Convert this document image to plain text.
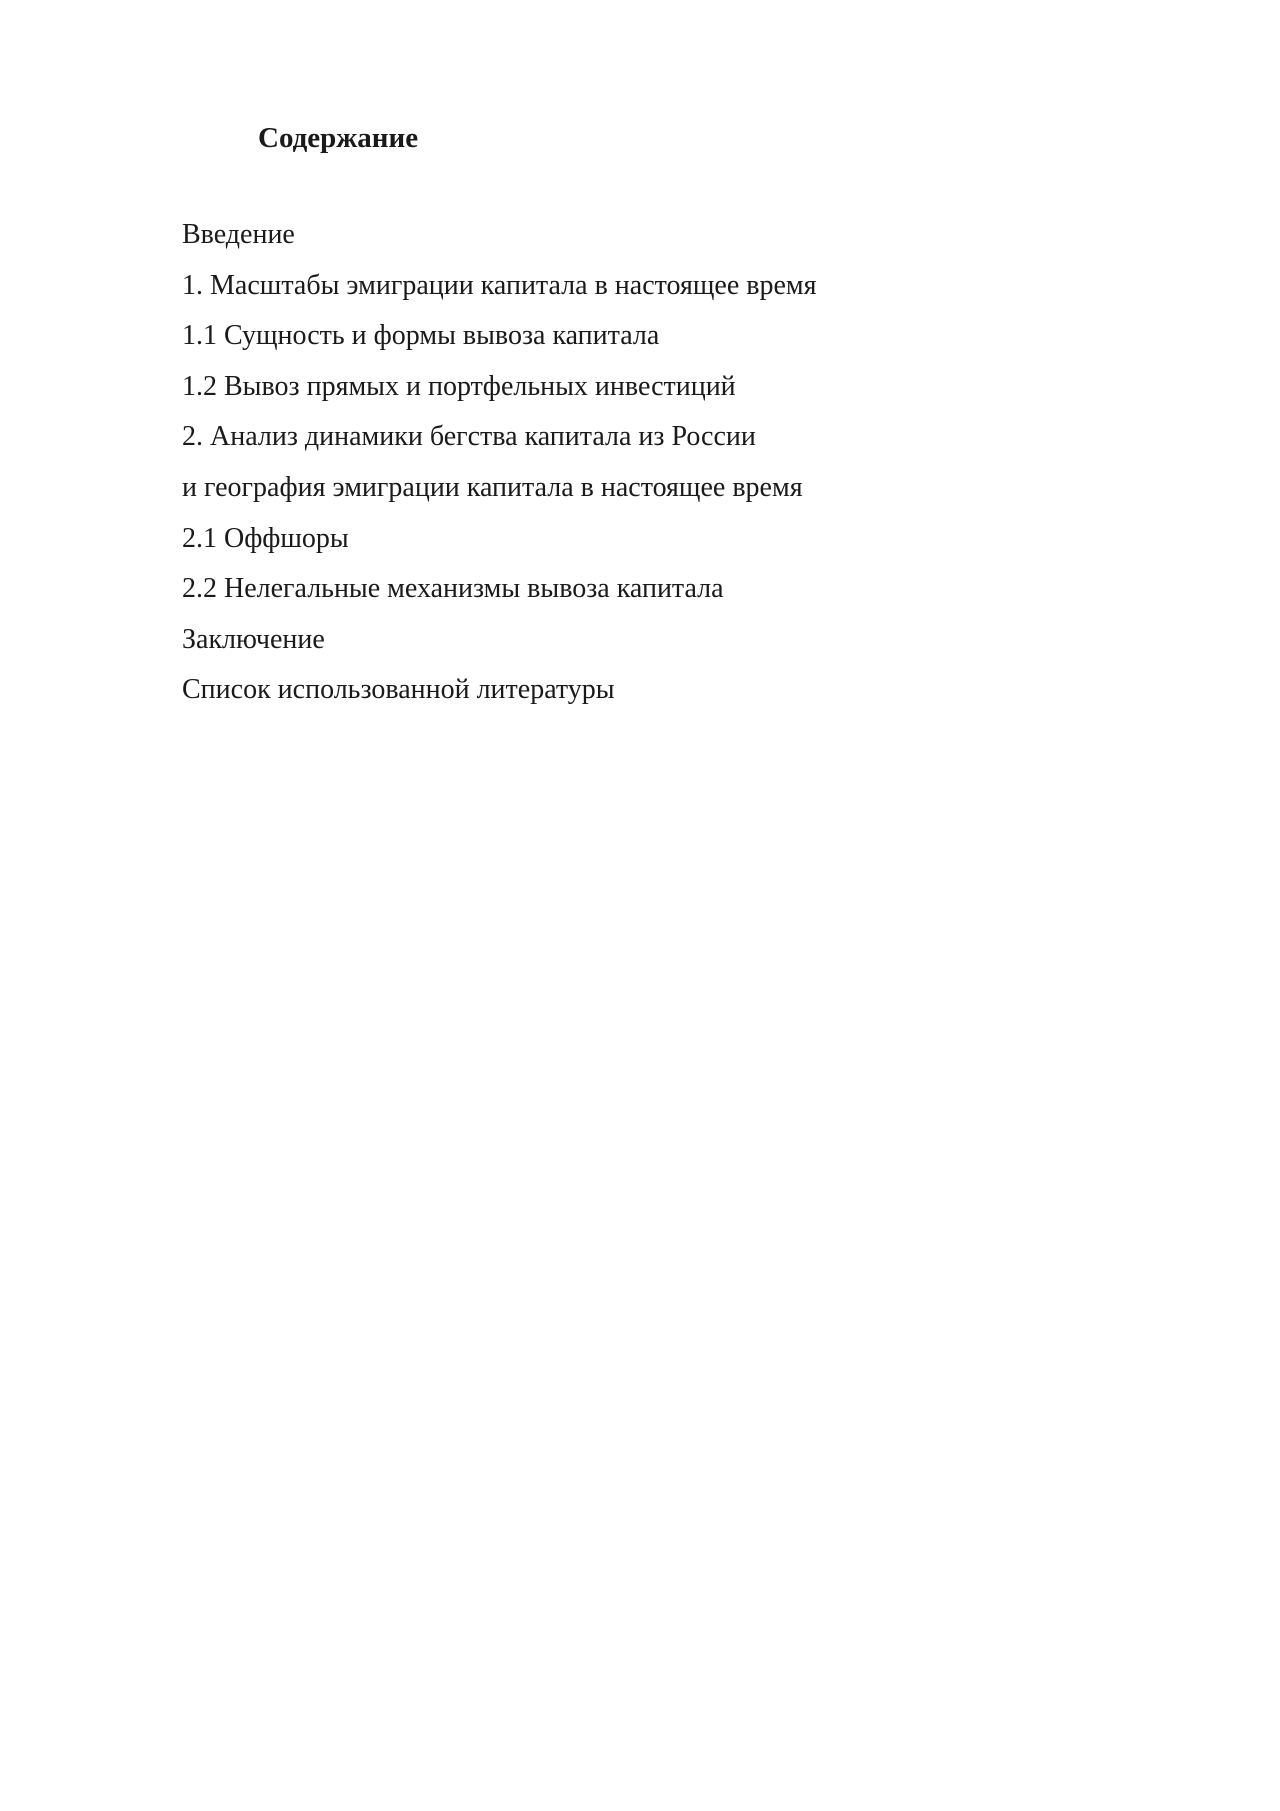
Содержание
Введение
1. Масштабы эмиграции капитала в настоящее время
1.1 Сущность и формы вывоза капитала
1.2 Вывоз прямых и портфельных инвестиций
2. Анализ динамики бегства капитала из России
и география эмиграции капитала в настоящее время
2.1 Оффшоры
2.2 Нелегальные механизмы вывоза капитала
Заключение
Список использованной литературы
